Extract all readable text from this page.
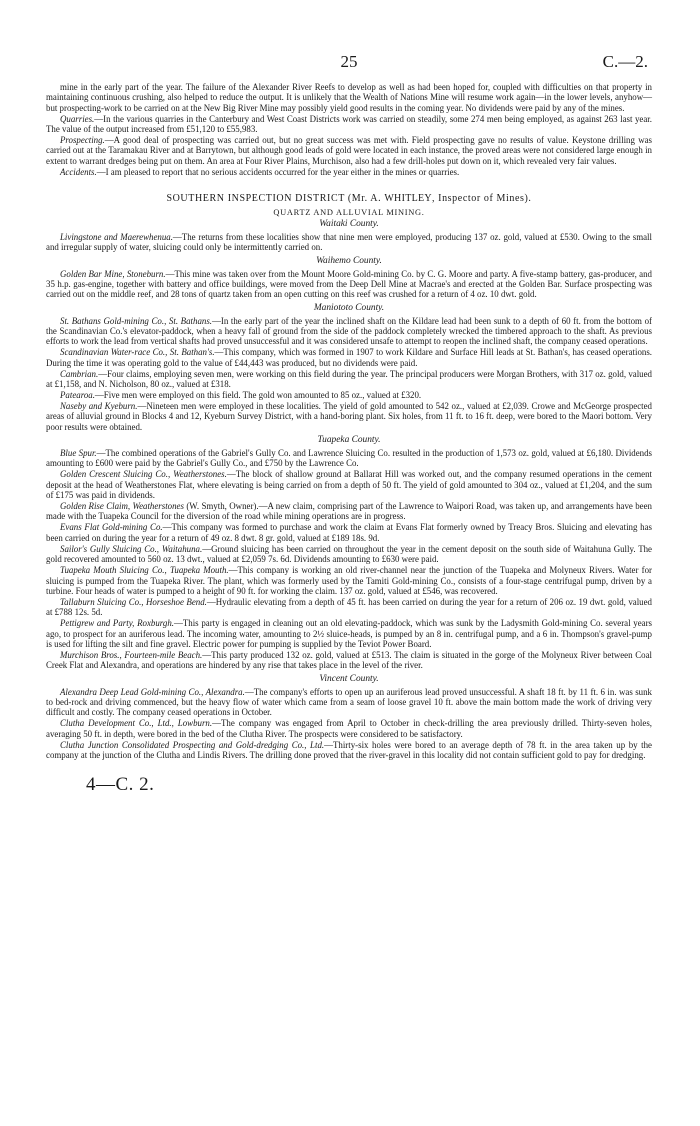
25	C.—2.

mine in the early part of the year. The failure of the Alexander River Reefs to develop as well as had been hoped for, coupled with difficulties on that property in maintaining continuous crushing, also helped to reduce the output. It is unlikely that the Wealth of Nations Mine will resume work again—in the lower levels, anyhow—but prospecting-work to be carried on at the New Big River Mine may possibly yield good results in the coming year. No dividends were paid by any of the mines.

Quarries.—In the various quarries in the Canterbury and West Coast Districts work was carried on steadily, some 274 men being employed, as against 263 last year. The value of the output increased from £51,120 to £55,983.

Prospecting.—A good deal of prospecting was carried out, but no great success was met with. Field prospecting gave no results of value. Keystone drilling was carried out at the Taramakau River and at Barrytown, but although good leads of gold were located in each instance, the proved areas were not considered large enough in extent to warrant dredges being put on them. An area at Four River Plains, Murchison, also had a few drill-holes put down on it, which revealed very fair values.

Accidents.—I am pleased to report that no serious accidents occurred for the year either in the mines or quarries.

SOUTHERN INSPECTION DISTRICT (Mr. A. WHITLEY, Inspector of Mines).
QUARTZ AND ALLUVIAL MINING.
Waitaki County.

Livingstone and Maerewhenua.—The returns from these localities show that nine men were employed, producing 137 oz. gold, valued at £530. Owing to the small and irregular supply of water, sluicing could only be intermittently carried on.

Waihemo County.

Golden Bar Mine, Stoneburn.—This mine was taken over from the Mount Moore Gold-mining Co. by C. G. Moore and party. A five-stamp battery, gas-producer, and 35 h.p. gas-engine, together with battery and office buildings, were moved from the Deep Dell Mine at Macrae's and erected at the Golden Bar. Surface prospecting was carried out on the middle reef, and 28 tons of quartz taken from an open cutting on this reef was crushed for a return of 4 oz. 10 dwt. gold.

Maniototo County.

St. Bathans Gold-mining Co., St. Bathans.—In the early part of the year the inclined shaft on the Kildare lead had been sunk to a depth of 60 ft. from the bottom of the Scandinavian Co.'s elevator-paddock, when a heavy fall of ground from the side of the paddock completely wrecked the timbered approach to the shaft. As previous efforts to work the lead from vertical shafts had proved unsuccessful and it was considered unsafe to attempt to reopen the inclined shaft, the company ceased operations.

Scandinavian Water-race Co., St. Bathan's.—This company, which was formed in 1907 to work Kildare and Surface Hill leads at St. Bathan's, has ceased operations. During the time it was operating gold to the value of £44,443 was produced, but no dividends were paid.

Cambrian.—Four claims, employing seven men, were working on this field during the year. The principal producers were Morgan Brothers, with 317 oz. gold, valued at £1,158, and N. Nicholson, 80 oz., valued at £318.

Patearoa.—Five men were employed on this field. The gold won amounted to 85 oz., valued at £320.

Naseby and Kyeburn.—Nineteen men were employed in these localities. The yield of gold amounted to 542 oz., valued at £2,039. Crowe and McGeorge prospected areas of alluvial ground in Blocks 4 and 12, Kyeburn Survey District, with a hand-boring plant. Six holes, from 11 ft. to 16 ft. deep, were bored to the Maori bottom. Very poor results were obtained.

Tuapeka County.

Blue Spur.—The combined operations of the Gabriel's Gully Co. and Lawrence Sluicing Co. resulted in the production of 1,573 oz. gold, valued at £6,180. Dividends amounting to £600 were paid by the Gabriel's Gully Co., and £750 by the Lawrence Co.

Golden Crescent Sluicing Co., Weatherstones.—The block of shallow ground at Ballarat Hill was worked out, and the company resumed operations in the cement deposit at the head of Weatherstones Flat, where elevating is being carried on from a depth of 50 ft. The yield of gold amounted to 304 oz., valued at £1,204, and the sum of £175 was paid in dividends.

Golden Rise Claim, Weatherstones (W. Smyth, Owner).—A new claim, comprising part of the Lawrence to Waipori Road, was taken up, and arrangements have been made with the Tuapeka Council for the diversion of the road while mining operations are in progress.

Evans Flat Gold-mining Co.—This company was formed to purchase and work the claim at Evans Flat formerly owned by Treacy Bros. Sluicing and elevating has been carried on during the year for a return of 49 oz. 8 dwt. 8 gr. gold, valued at £189 18s. 9d.

Sailor's Gully Sluicing Co., Waitahuna.—Ground sluicing has been carried on throughout the year in the cement deposit on the south side of Waitahuna Gully. The gold recovered amounted to 560 oz. 13 dwt., valued at £2,059 7s. 6d. Dividends amounting to £630 were paid.

Tuapeka Mouth Sluicing Co., Tuapeka Mouth.—This company is working an old river-channel near the junction of the Tuapeka and Molyneux Rivers. Water for sluicing is pumped from the Tuapeka River. The plant, which was formerly used by the Tamiti Gold-mining Co., consists of a four-stage centrifugal pump, driven by a turbine. Four heads of water is pumped to a height of 90 ft. for working the claim. 137 oz. gold, valued at £546, was recovered.

Tallaburn Sluicing Co., Horseshoe Bend.—Hydraulic elevating from a depth of 45 ft. has been carried on during the year for a return of 206 oz. 19 dwt. gold, valued at £788 12s. 5d.

Pettigrew and Party, Roxburgh.—This party is engaged in cleaning out an old elevating-paddock, which was sunk by the Ladysmith Gold-mining Co. several years ago, to prospect for an auriferous lead. The incoming water, amounting to 2½ sluice-heads, is pumped by an 8 in. centrifugal pump, and a 6 in. Thompson's gravel-pump is used for lifting the silt and fine gravel. Electric power for pumping is supplied by the Teviot Power Board.

Murchison Bros., Fourteen-mile Beach.—This party produced 132 oz. gold, valued at £513. The claim is situated in the gorge of the Molyneux River between Coal Creek Flat and Alexandra, and operations are hindered by any rise that takes place in the level of the river.

Vincent County.

Alexandra Deep Lead Gold-mining Co., Alexandra.—The company's efforts to open up an auriferous lead proved unsuccessful. A shaft 18 ft. by 11 ft. 6 in. was sunk to bed-rock and driving commenced, but the heavy flow of water which came from a seam of loose gravel 10 ft. above the main bottom made the work of driving very difficult and costly. The company ceased operations in October.

Clutha Development Co., Ltd., Lowburn.—The company was engaged from April to October in check-drilling the area previously drilled. Thirty-seven holes, averaging 50 ft. in depth, were bored in the bed of the Clutha River. The prospects were considered to be satisfactory.

Clutha Junction Consolidated Prospecting and Gold-dredging Co., Ltd.—Thirty-six holes were bored to an average depth of 78 ft. in the area taken up by the company at the junction of the Clutha and Lindis Rivers. The drilling done proved that the river-gravel in this locality did not contain sufficient gold to pay for dredging.

4—C. 2.
